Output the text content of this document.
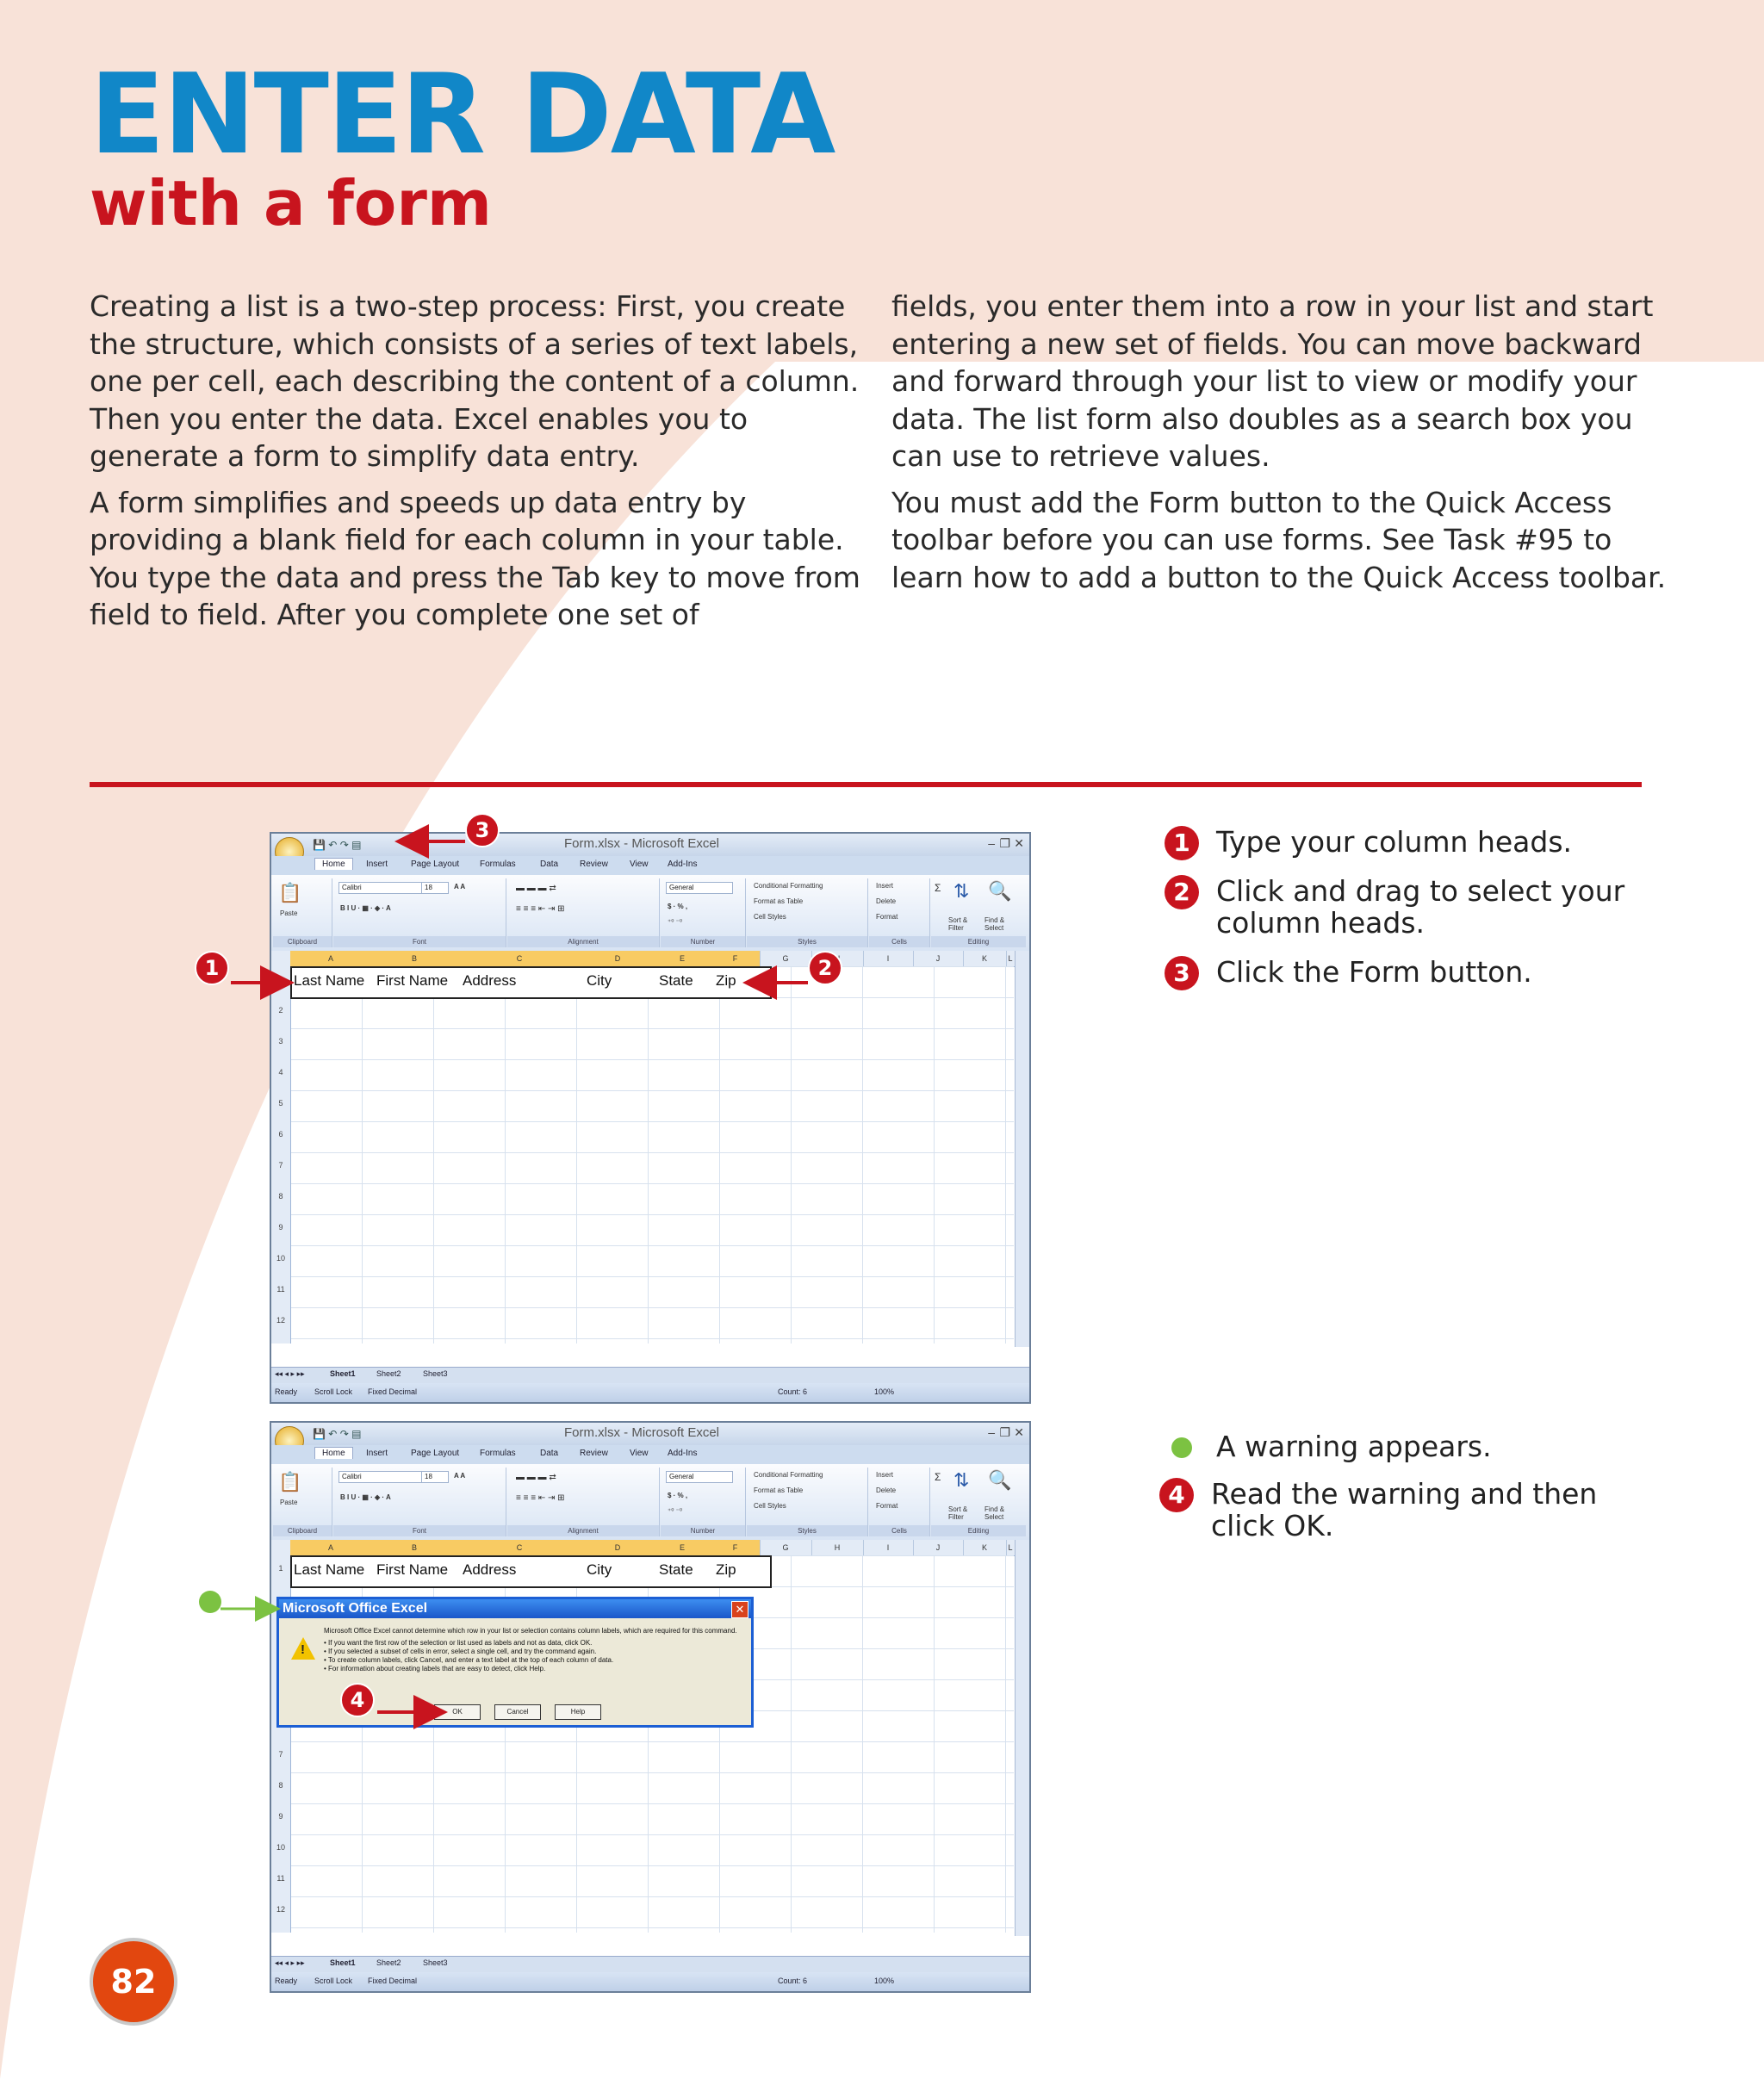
ENTER DATA
with a form

Creating a list is a two-step process: First, you create the structure, which consists of a series of text labels, one per cell, each describing the content of a column. Then you enter the data. Excel enables you to generate a form to simplify data entry.

A form simplifies and speeds up data entry by providing a blank field for each column in your table. You type the data and press the Tab key to move from field to field. After you complete one set of

fields, you enter them into a row in your list and start entering a new set of fields. You can move backward and forward through your list to view or modify your data. The list form also doubles as a search box you can use to retrieve values.

You must add the Form button to the Quick Access toolbar before you can use forms. See Task #95 to learn how to add a button to the Quick Access toolbar.

Form.xlsx - Microsoft Excel	– ❐ ✕
💾 ↶ ↷ ▤
Home	Insert	Page Layout Formulas	Data Review	View Add-Ins
📋
Paste
Clipboard
Calibri	18	A A
B I U · ▦ · ◈ · A
Font
▬ ▬ ▬ ⇄
≡ ≡ ≡ ⇤ ⇥ ⊞
Alignment
General
$ · % ,
⁺⁰ ⁻⁰
Number
Conditional Formatting
Format as Table
Cell Styles
Styles
Insert
Delete
Format
Cells
Σ ⇅ 🔍
Sort & Filter
Find & Select
Editing
A	B	C	D	E	F	G	I	J	K	L
1
2
3
4
5
6
7
8
9
10
11
12
Last Name First Name Address	City	State Zip
◂◂ ◂ ▸ ▸▸	Sheet1	Sheet2	Sheet3
Ready Scroll Lock Fixed Decimal	Count: 6	100%
Form.xlsx - Microsoft Excel	– ❐ ✕
💾 ↶ ↷ ▤
Home	Insert	Page Layout Formulas	Data Review	View Add-Ins
📋
Paste
Clipboard
Calibri	18	A A
B I U · ▦ · ◈ · A
Font
▬ ▬ ▬ ⇄
≡ ≡ ≡ ⇤ ⇥ ⊞
Alignment
General
$ · % ,
⁺⁰ ⁻⁰
Number
Conditional Formatting
Format as Table
Cell Styles
Styles
Insert
Delete
Format
Cells
Σ ⇅ 🔍
Sort & Filter
Find & Select
Editing
A	B	C	D	E	F	G	H	I	J	K	L
1
7
8
9
10
11
12
Last Name First Name Address	City	State Zip
Microsoft Office Excel	✕
!
Microsoft Office Excel cannot determine which row in your list or selection contains column labels, which are required for this command.
• If you want the first row of the selection or list used as labels and not as data, click OK.
• If you selected a subset of cells in error, select a single cell, and try the command again.
• To create column labels, click Cancel, and enter a text label at the top of each column of data.
• For information about creating labels that are easy to detect, click Help.
OK	Cancel	Help
◂◂ ◂ ▸ ▸▸	Sheet1	Sheet2	Sheet3
Ready Scroll Lock Fixed Decimal	Count: 6	100%
1	2
3
4
1 Type your column heads.
2 Click and drag to select your column heads.
3 Click the Form button.
A warning appears.
4 Read the warning and then click OK.
82
